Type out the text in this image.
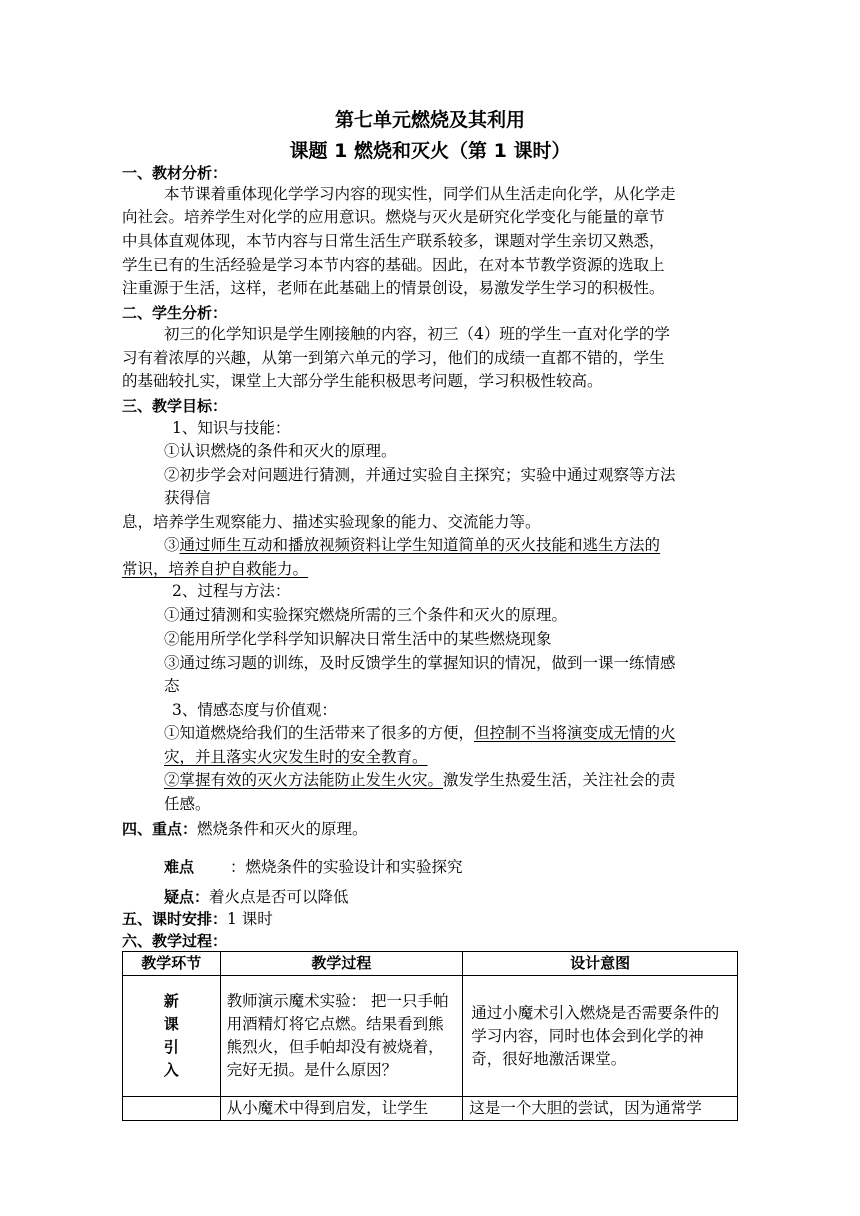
第七单元燃烧及其利用
课题 1 燃烧和灭火（第 1 课时）
一、教材分析：
本节课着重体现化学学习内容的现实性，同学们从生活走向化学，从化学走
向社会。培养学生对化学的应用意识。燃烧与灭火是研究化学变化与能量的章节
中具体直观体现，本节内容与日常生活生产联系较多，课题对学生亲切又熟悉，
学生已有的生活经验是学习本节内容的基础。因此，在对本节教学资源的选取上
注重源于生活，这样，老师在此基础上的情景创设，易激发学生学习的积极性。
二、学生分析：
初三的化学知识是学生刚接触的内容，初三（4）班的学生一直对化学的学
习有着浓厚的兴趣，从第一到第六单元的学习，他们的成绩一直都不错的，学生
的基础较扎实，课堂上大部分学生能积极思考问题，学习积极性较高。
三、教学目标：
1、知识与技能：
①认识燃烧的条件和灭火的原理。
②初步学会对问题进行猜测，并通过实验自主探究；实验中通过观察等方法
获得信
息，培养学生观察能力、描述实验现象的能力、交流能力等。
③通过师生互动和播放视频资料让学生知道简单的灭火技能和逃生方法的
常识，培养自护自救能力。
2、过程与方法：
①通过猜测和实验探究燃烧所需的三个条件和灭火的原理。
②能用所学化学科学知识解决日常生活中的某些燃烧现象
③通过练习题的训练，及时反馈学生的掌握知识的情况，做到一课一练情感
态
3、情感态度与价值观：
①知道燃烧给我们的生活带来了很多的方便，但控制不当将演变成无情的火
灾，并且落实火灾发生时的安全教育。
②掌握有效的灭火方法能防止发生火灾。激发学生热爱生活，关注社会的责
任感。
四、重点：燃烧条件和灭火的原理。
难点 ：燃烧条件的实验设计和实验探究
疑点：着火点是否可以降低
五、课时安排：1 课时
六、教学过程：
教学环节	教学过程	设计意图
新课引入	教师演示魔术实验： 把一只手帕用酒精灯将它点燃。结果看到熊熊烈火，但手帕却没有被烧着，完好无损。是什么原因？	通过小魔术引入燃烧是否需要条件的学习内容，同时也体会到化学的神奇，很好地激活课堂。
	从小魔术中得到启发，让学生	这是一个大胆的尝试，因为通常学
